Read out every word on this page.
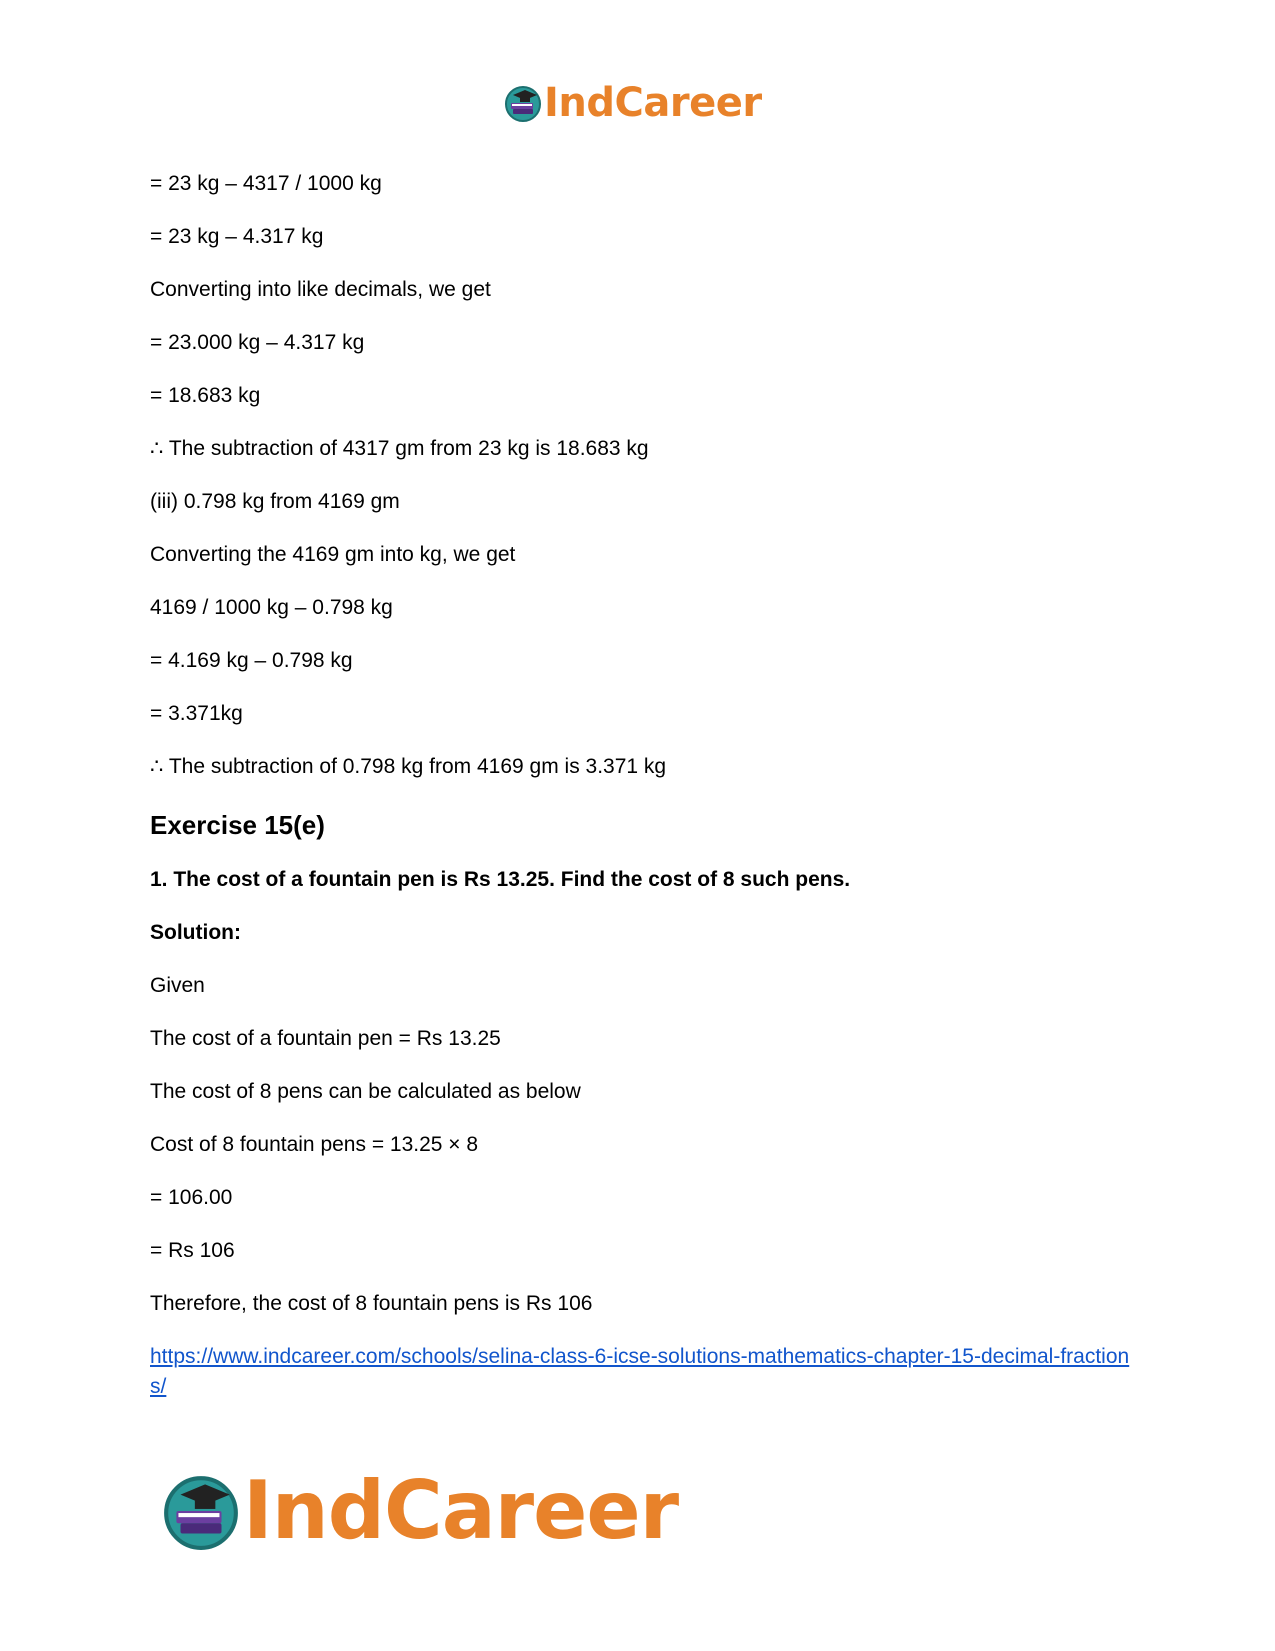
IndCareer
= 23 kg – 4317 / 1000 kg
= 23 kg – 4.317 kg
Converting into like decimals, we get
= 23.000 kg – 4.317 kg
= 18.683 kg
∴ The subtraction of 4317 gm from 23 kg is 18.683 kg
(iii) 0.798 kg from 4169 gm
Converting the 4169 gm into kg, we get
4169 / 1000 kg – 0.798 kg
= 4.169 kg – 0.798 kg
= 3.371kg
∴ The subtraction of 0.798 kg from 4169 gm is 3.371 kg
Exercise 15(e)
1. The cost of a fountain pen is Rs 13.25. Find the cost of 8 such pens.
Solution:
Given
The cost of a fountain pen = Rs 13.25
The cost of 8 pens can be calculated as below
Cost of 8 fountain pens = 13.25 × 8
= 106.00
= Rs 106
Therefore, the cost of 8 fountain pens is Rs 106
https://www.indcareer.com/schools/selina-class-6-icse-solutions-mathematics-chapter-15-decimal-fractions/
IndCareer
